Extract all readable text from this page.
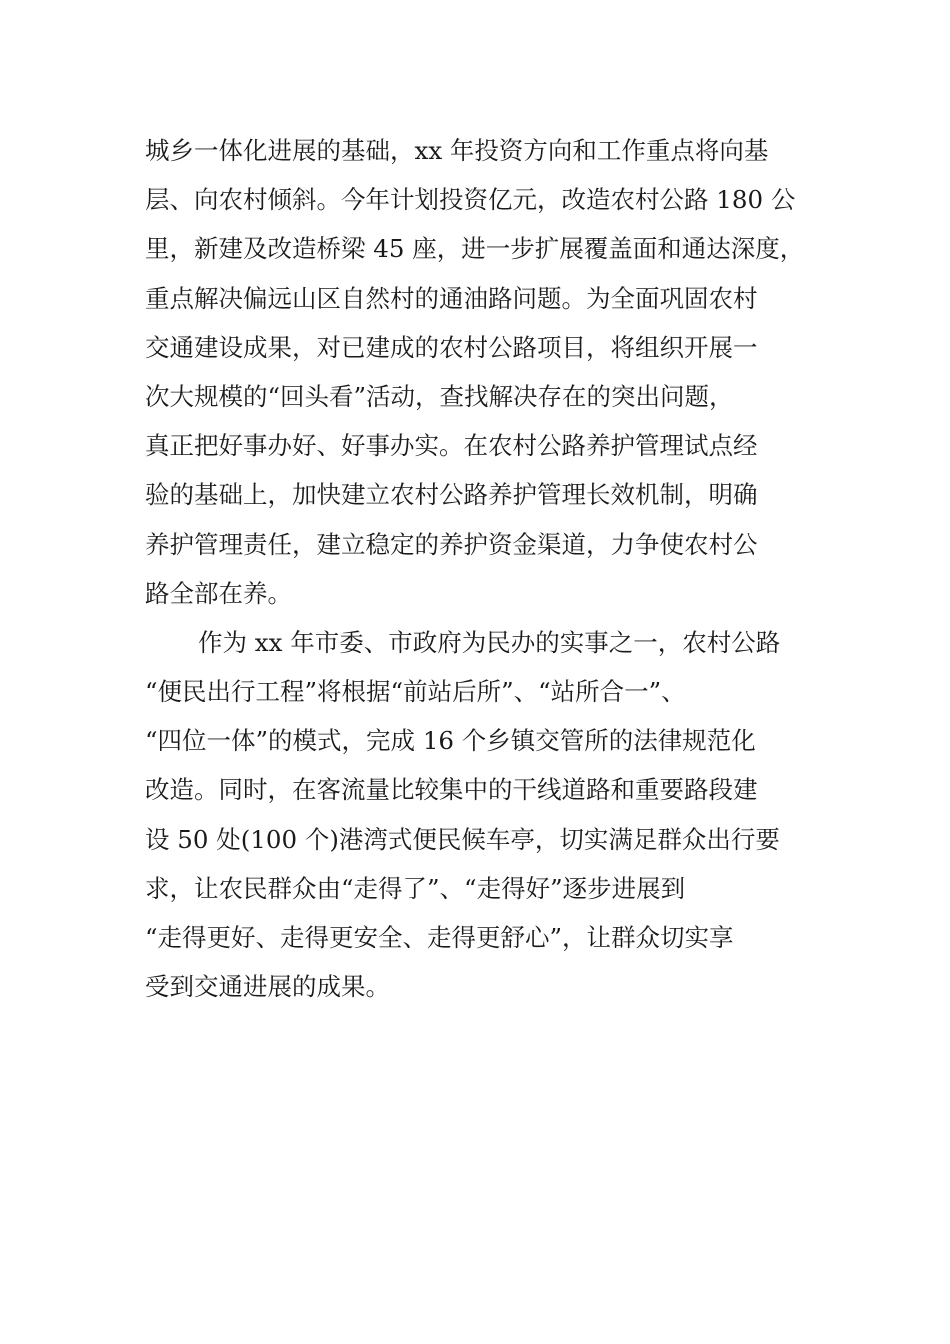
城乡一体化进展的基础，xx 年投资方向和工作重点将向基
层、向农村倾斜。今年计划投资亿元，改造农村公路 180 公
里，新建及改造桥梁 45 座，进一步扩展覆盖面和通达深度，
重点解决偏远山区自然村的通油路问题。为全面巩固农村
交通建设成果，对已建成的农村公路项目，将组织开展一
次大规模的“回头看”活动，查找解决存在的突出问题，
真正把好事办好、好事办实。在农村公路养护管理试点经
验的基础上，加快建立农村公路养护管理长效机制，明确
养护管理责任，建立稳定的养护资金渠道，力争使农村公
路全部在养。
作为 xx 年市委、市政府为民办的实事之一，农村公路
“便民出行工程”将根据“前站后所”、“站所合一”、
“四位一体”的模式，完成 16 个乡镇交管所的法律规范化
改造。同时，在客流量比较集中的干线道路和重要路段建
设 50 处(100 个)港湾式便民候车亭，切实满足群众出行要
求，让农民群众由“走得了”、“走得好”逐步进展到
“走得更好、走得更安全、走得更舒心”，让群众切实享
受到交通进展的成果。
